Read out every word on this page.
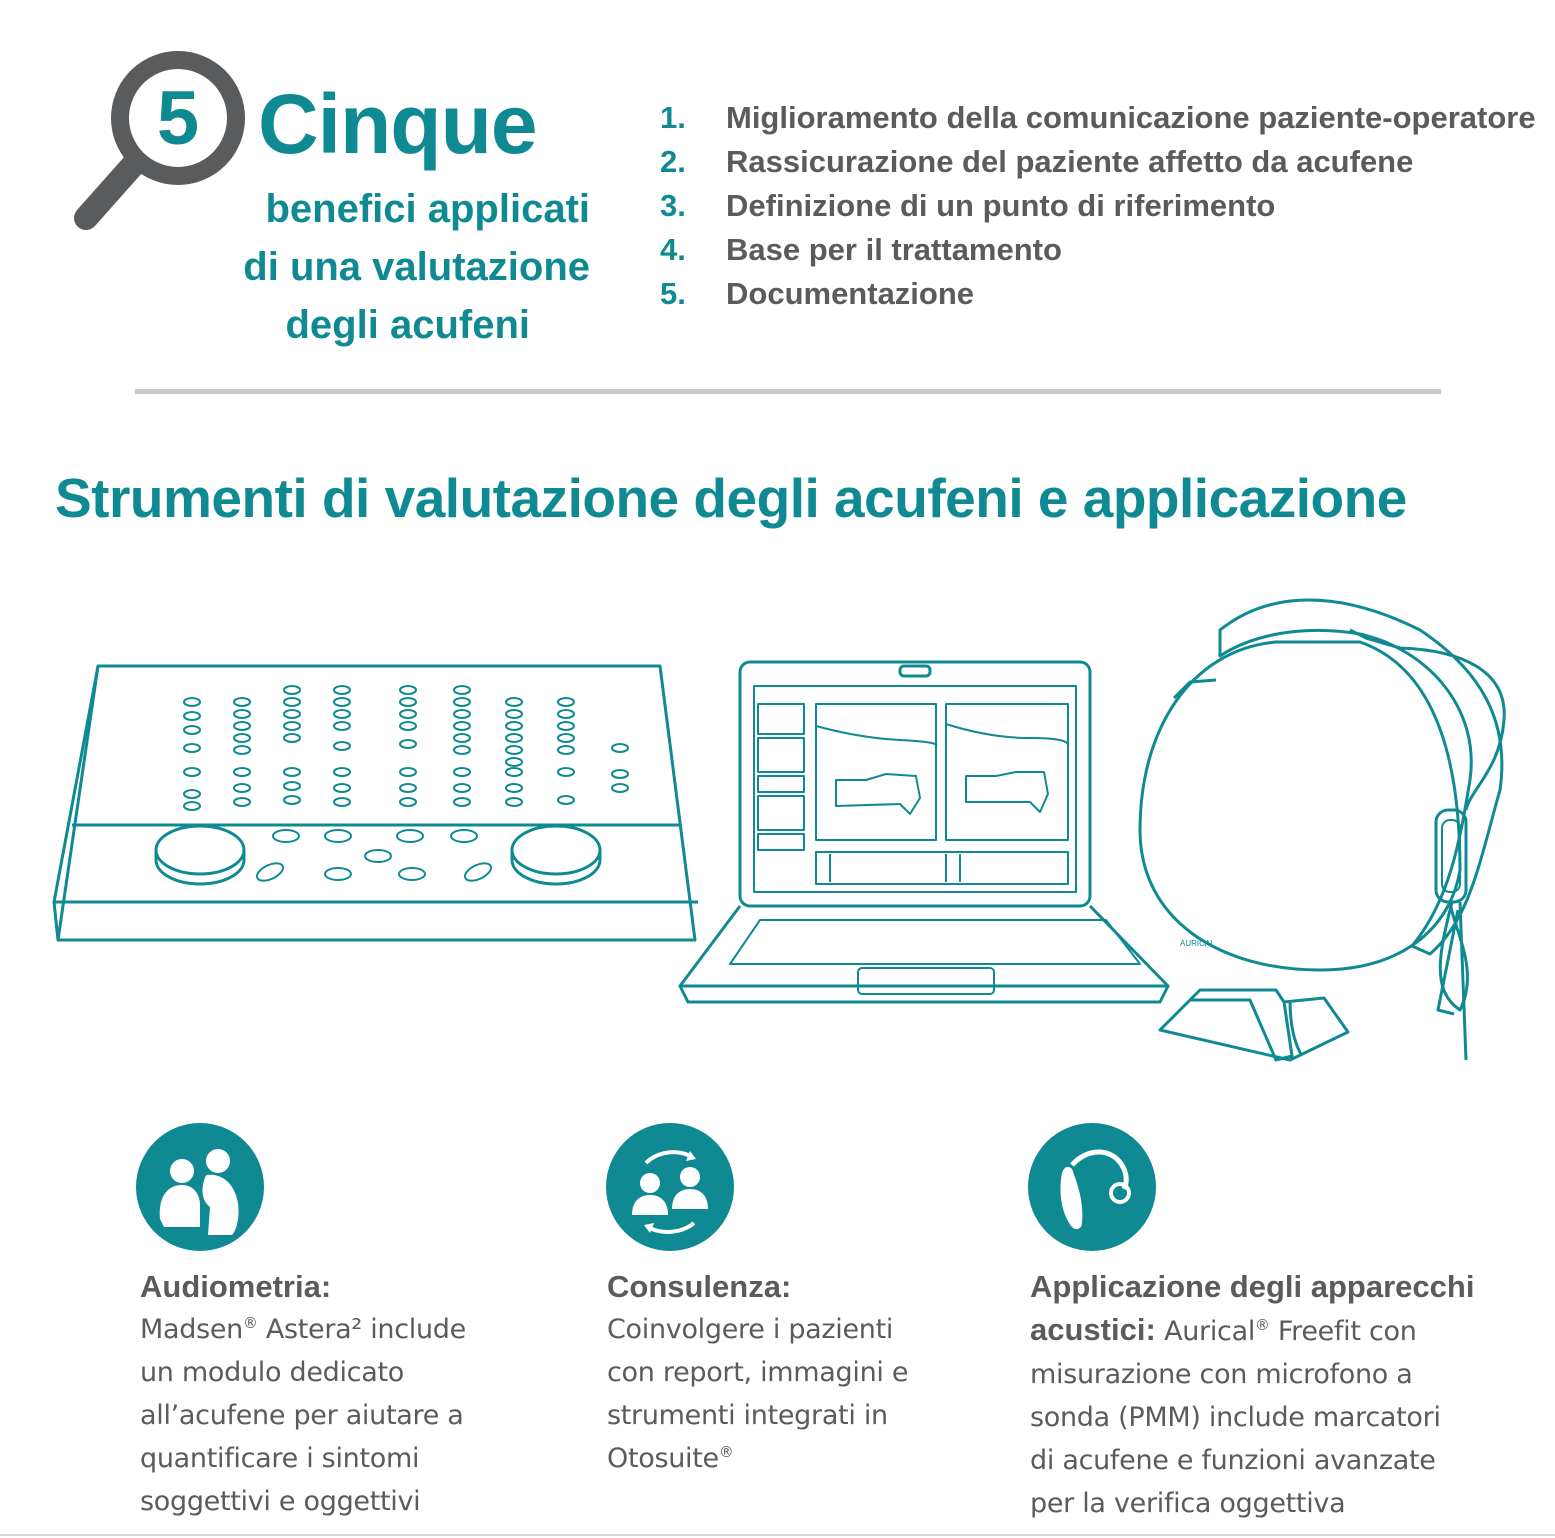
5 Cinque
benefici applicati
di una valutazione
degli acufeni
1.	Miglioramento della comunicazione paziente-operatore
2.	Rassicurazione del paziente affetto da acufene
3.	Definizione di un punto di riferimento
4.	Base per il trattamento
5.	Documentazione
Strumenti di valutazione degli acufeni e applicazione
AURICAL
Audiometria:
Madsen® Astera² include
un modulo dedicato
all’acufene per aiutare a
quantificare i sintomi
soggettivi e oggettivi
Consulenza:
Coinvolgere i pazienti
con report, immagini e
strumenti integrati in
Otosuite®
Applicazione degli apparecchi
acustici: Aurical® Freefit con
misurazione con microfono a
sonda (PMM) include marcatori
di acufene e funzioni avanzate
per la verifica oggettiva
